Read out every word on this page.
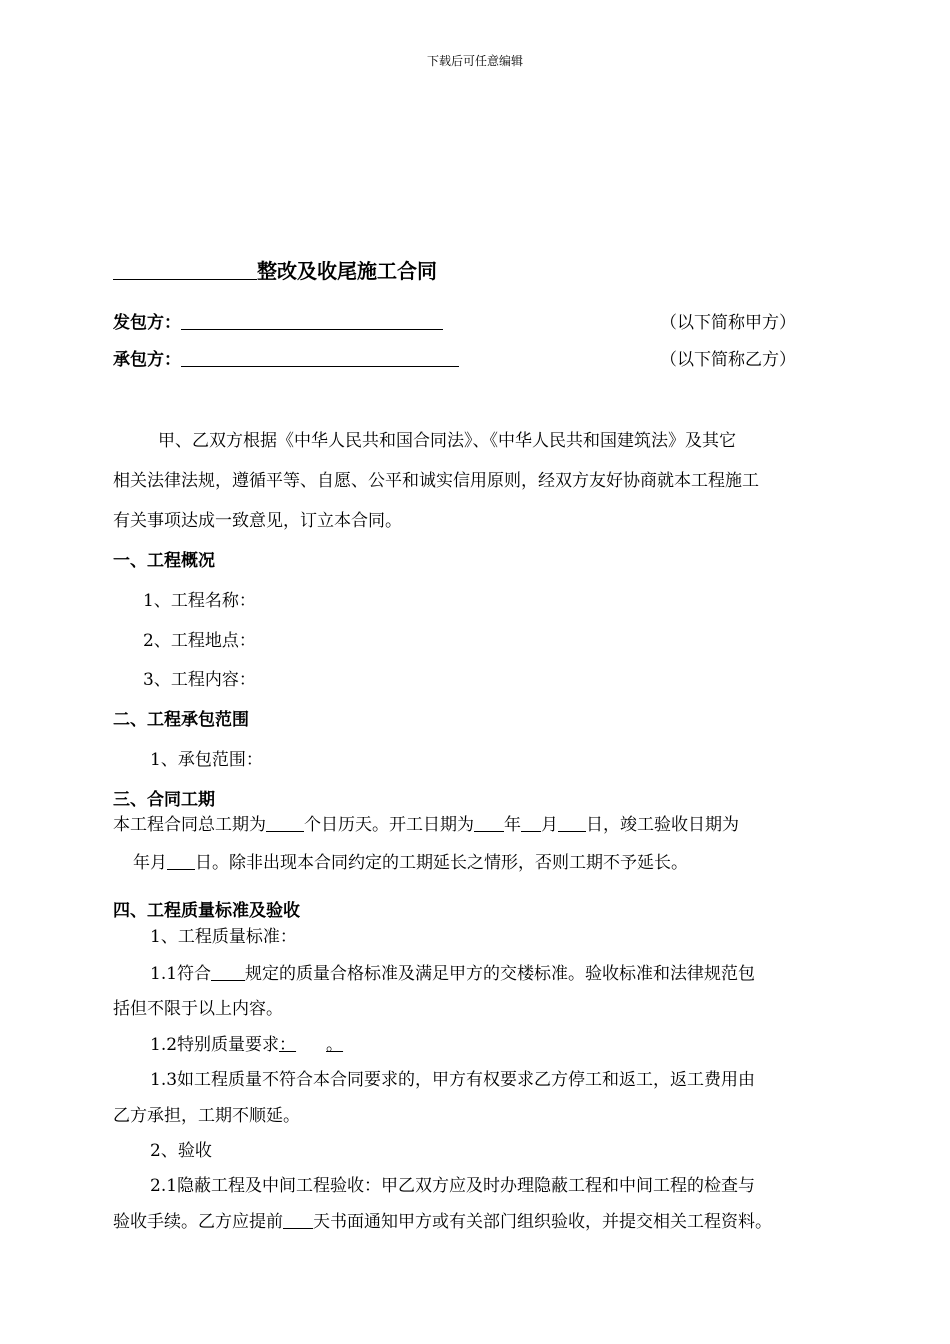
下载后可任意编辑
整改及收尾施工合同
发包方：	（以下简称甲方）
承包方：	（以下简称乙方）
甲、乙双方根据《中华人民共和国合同法》、《中华人民共和国建筑法》及其它
相关法律法规，遵循平等、自愿、公平和诚实信用原则，经双方友好协商就本工程施工
有关事项达成一致意见，订立本合同。
一、工程概况
1、工程名称：
2、工程地点：
3、工程内容：
二、工程承包范围
1、承包范围：
三、合同工期
本工程合同总工期为 个日历天。开工日期为 年 月 日，竣工验收日期为
年月 日。除非出现本合同约定的工期延长之情形，否则工期不予延长。
四、工程质量标准及验收
1、工程质量标准：
1.1符合 规定的质量合格标准及满足甲方的交楼标准。验收标准和法律规范包
括但不限于以上内容。
1.2特别质量要求： 。
1.3如工程质量不符合本合同要求的，甲方有权要求乙方停工和返工，返工费用由
乙方承担，工期不顺延。
2、验收
2.1隐蔽工程及中间工程验收：甲乙双方应及时办理隐蔽工程和中间工程的检查与
验收手续。乙方应提前 天书面通知甲方或有关部门组织验收，并提交相关工程资料。
